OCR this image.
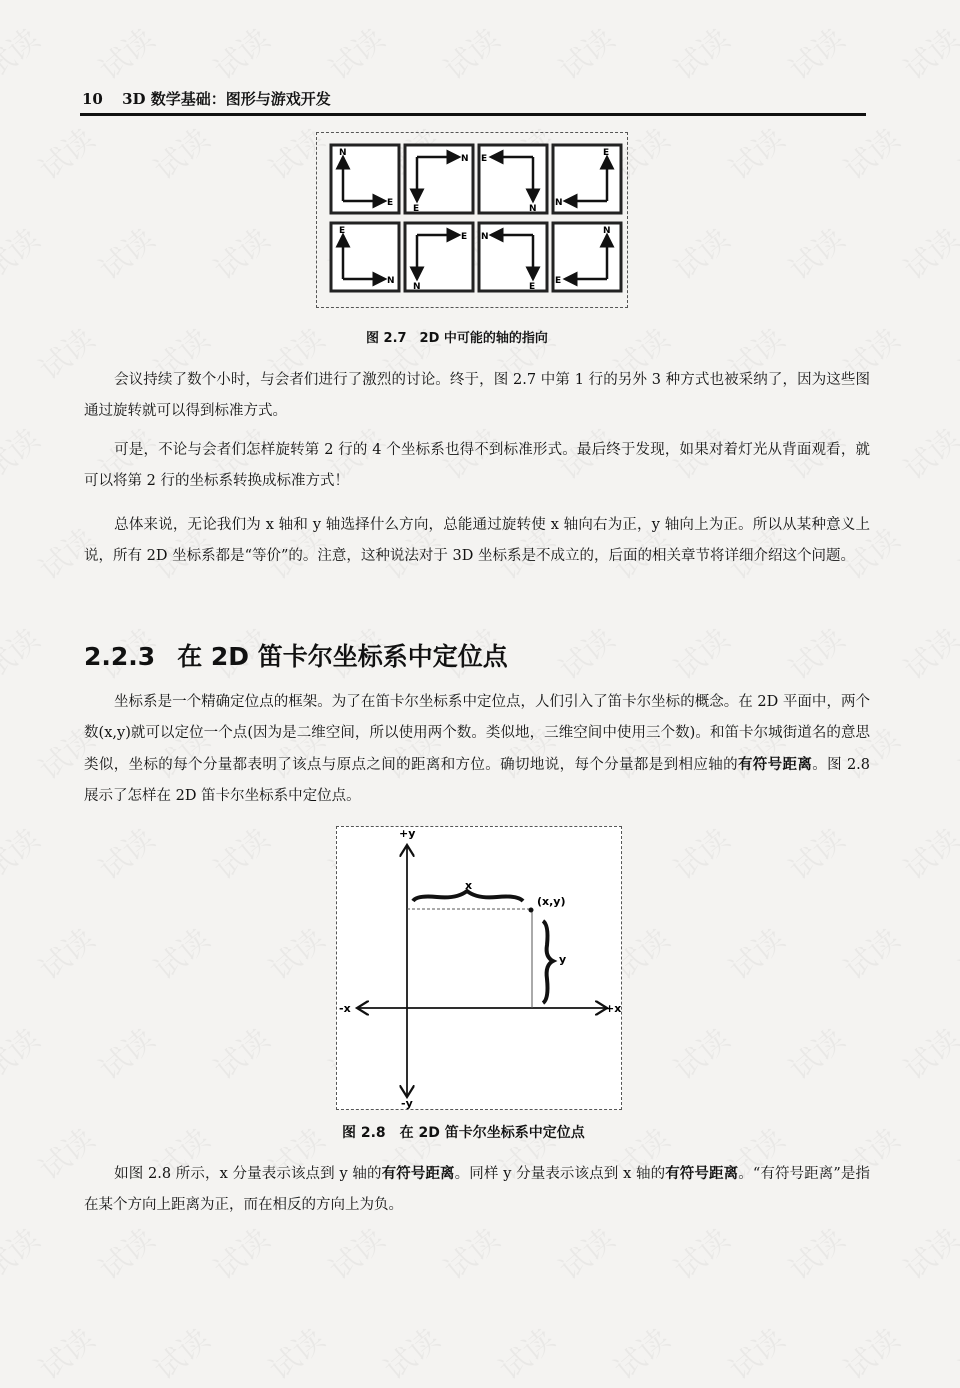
10 3D 数学基础：图形与游戏开发
N
E
E
N
N
E
E
N
E
N
N
E
E
N
N
E
图 2.7　2D 中可能的轴的指向
会议持续了数个小时，与会者们进行了激烈的讨论。终于，图 2.7 中第 1 行的另外 3 种方式也被采纳了，因为这些图通过旋转就可以得到标准方式。
可是，不论与会者们怎样旋转第 2 行的 4 个坐标系也得不到标准形式。最后终于发现，如果对着灯光从背面观看，就可以将第 2 行的坐标系转换成标准方式！
总体来说，无论我们为 x 轴和 y 轴选择什么方向，总能通过旋转使 x 轴向右为正，y 轴向上为正。所以从某种意义上说，所有 2D 坐标系都是“等价”的。注意，这种说法对于 3D 坐标系是不成立的，后面的相关章节将详细介绍这个问题。
2.2.3 在 2D 笛卡尔坐标系中定位点
坐标系是一个精确定位点的框架。为了在笛卡尔坐标系中定位点，人们引入了笛卡尔坐标的概念。在 2D 平面中，两个数(x,y)就可以定位一个点(因为是二维空间，所以使用两个数。类似地，三维空间中使用三个数)。和笛卡尔城街道名的意思类似，坐标的每个分量都表明了该点与原点之间的距离和方位。确切地说，每个分量都是到相应轴的有符号距离。图 2.8 展示了怎样在 2D 笛卡尔坐标系中定位点。
+y
-y
+x
-x
x
y
(x,y)
图 2.8　在 2D 笛卡尔坐标系中定位点
如图 2.8 所示，x 分量表示该点到 y 轴的有符号距离。同样 y 分量表示该点到 x 轴的有符号距离。“有符号距离”是指在某个方向上距离为正，而在相反的方向上为负。
